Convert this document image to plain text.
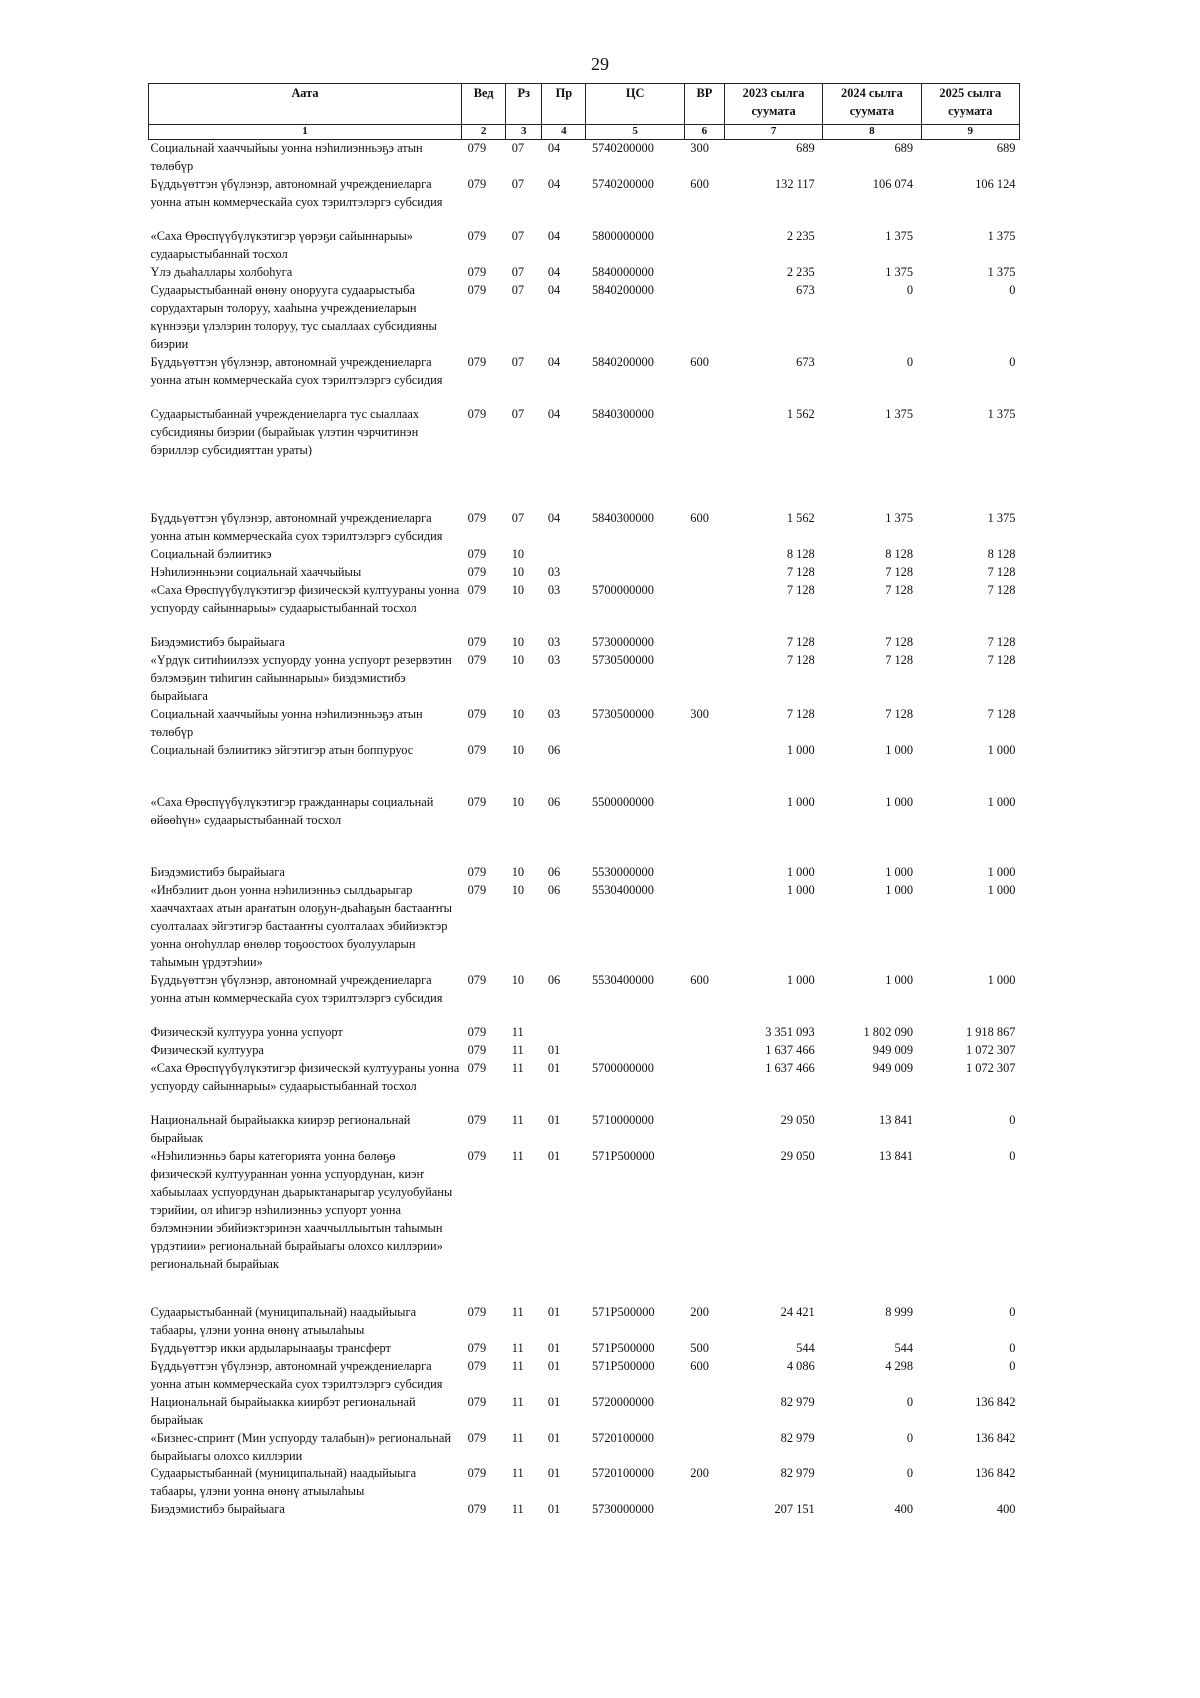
29
Аата	Вед	Рз	Пр	ЦС	ВР	2023 сылга суумата	2024 сылга суумата	2025 сылга суумата
1	2	3	4	5	6	7	8	9
Социальнай хааччыйыы уонна нэһилиэнньэҕэ атын төлөбүр	079	07	04	5740200000	300	689	689	689
Бүддьүөттэн үбүлэнэр, автономнай учреждениеларга уонна атын коммерческайа суох тэрилтэлэргэ субсидия	079	07	04	5740200000	600	132 117	106 074	106 124
«Саха Өрөспүүбүлүкэтигэр үөрэҕи сайыннарыы» судаарыстыбаннай тосхол	079	07	04	5800000000		2 235	1 375	1 375
Үлэ дьаһаллары холбоһуга	079	07	04	5840000000		2 235	1 375	1 375
Судаарыстыбаннай өнөну онорууга судаарыстыба сорудахтарын толоруу, хааһына учреждениеларын күннээҕи үлэлэрин толоруу, тус сыаллаах субсидияны биэрии	079	07	04	5840200000		673	0	0
Бүддьүөттэн үбүлэнэр, автономнай учреждениеларга уонна атын коммерческайа суох тэрилтэлэргэ субсидия	079	07	04	5840200000	600	673	0	0
Судаарыстыбаннай учреждениеларга тус сыаллаах субсидияны биэрии (бырайыак үлэтин чэрчитинэн бэриллэр субсидияттан ураты)	079	07	04	5840300000		1 562	1 375	1 375
Бүддьүөттэн үбүлэнэр, автономнай учреждениеларга уонна атын коммерческайа суох тэрилтэлэргэ субсидия	079	07	04	5840300000	600	1 562	1 375	1 375
Социальнай бэлиитикэ	079	10				8 128	8 128	8 128
Нэһилиэнньэни социальнай хааччыйыы	079	10	03			7 128	7 128	7 128
«Саха Өрөспүүбүлүкэтигэр физическэй култуураны уонна успуорду сайыннарыы» судаарыстыбаннай тосхол	079	10	03	5700000000		7 128	7 128	7 128
Биэдэмистибэ бырайыага	079	10	03	5730000000		7 128	7 128	7 128
«Үрдүк ситиһиилээх успуорду уонна успуорт резервэтин бэлэмэҕин тиһигин сайыннарыы» биэдэмистибэ бырайыага	079	10	03	5730500000		7 128	7 128	7 128
Социальнай хааччыйыы уонна нэһилиэнньэҕэ атын төлөбүр	079	10	03	5730500000	300	7 128	7 128	7 128
Социальнай бэлиитикэ эйгэтигэр атын боппуруос	079	10	06			1 000	1 000	1 000
«Саха Өрөспүүбүлүкэтигэр гражданнары социальнай өйөөһүн» судаарыстыбаннай тосхол	079	10	06	5500000000		1 000	1 000	1 000
Биэдэмистибэ бырайыага	079	10	06	5530000000		1 000	1 000	1 000
«Инбэлиит дьон уонна нэһилиэнньэ сылдьарыгар хааччахтаах атын араҥатын олоҕун-дьаһаҕын бастааҥҥы суолталаах эйгэтигэр бастааҥҥы суолталаах эбийиэктэр уонна оҥоһуллар өнөлөр тоҕоостоох буолууларын таһымын үрдэтэһии»	079	10	06	5530400000		1 000	1 000	1 000
Бүддьүөттэн үбүлэнэр, автономнай учреждениеларга уонна атын коммерческайа суох тэрилтэлэргэ субсидия	079	10	06	5530400000	600	1 000	1 000	1 000
Физическэй култуура уонна успуорт	079	11				3 351 093	1 802 090	1 918 867
Физическэй култуура	079	11	01			1 637 466	949 009	1 072 307
«Саха Өрөспүүбүлүкэтигэр физическэй култуураны уонна успуорду сайыннарыы» судаарыстыбаннай тосхол	079	11	01	5700000000		1 637 466	949 009	1 072 307
Национальнай бырайыакка киирэр региональнай бырайыак	079	11	01	5710000000		29 050	13 841	0
«Нэһилиэнньэ бары категориятa уонна бөлөҕө физическэй култуураннан уонна успуордунан, киэҥ хабыылаах успуордунан дьарыктанарыгар усулуобуйаны тэрийии, ол иһигэр нэһилиэнньэ успуорт уонна бэлэмнэнии эбийиэктэринэн хааччыллыытын таһымын үрдэтиии» региональнай бырайыагы олохсо киллэрии» региональнай бырайыак	079	11	01	571P500000		29 050	13 841	0
Судаарыстыбаннай (муниципальнай) наадыйыыга табаары, үлэни уонна өнөнү атыылаһыы	079	11	01	571P500000	200	24 421	8 999	0
Бүддьүөттэр икки ардыларынааҕы трансферт	079	11	01	571P500000	500	544	544	0
Бүддьүөттэн үбүлэнэр, автономнай учреждениеларга уонна атын коммерческайа суох тэрилтэлэргэ субсидия	079	11	01	571P500000	600	4 086	4 298	0
Национальнай бырайыакка киирбэт региональнай бырайыак	079	11	01	5720000000		82 979	0	136 842
«Бизнес-спринт (Мин успуорду талабын)» региональнай бырайыагы олохсо киллэрии	079	11	01	5720100000		82 979	0	136 842
Судаарыстыбаннай (муниципальнай) наадыйыыга табаары, үлэни уонна өнөнү атыылаһыы	079	11	01	5720100000	200	82 979	0	136 842
Биэдэмистибэ бырайыага	079	11	01	5730000000		207 151	400	400
